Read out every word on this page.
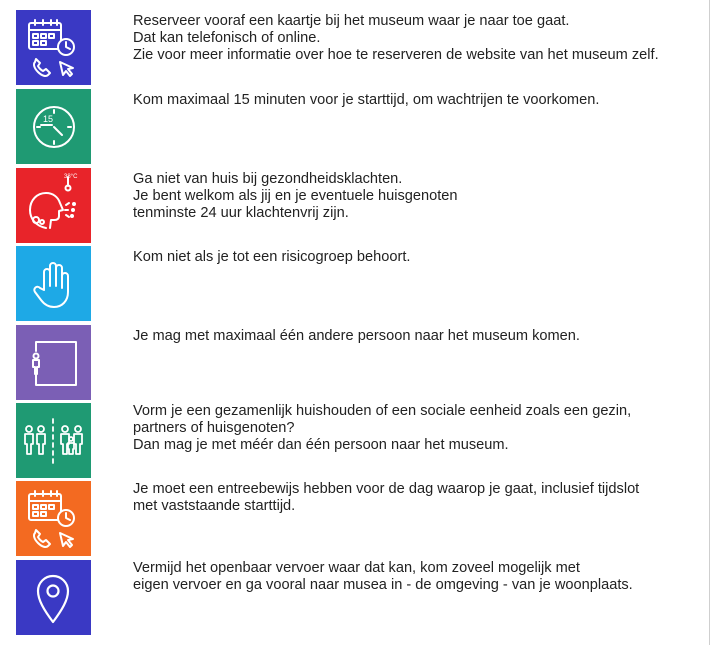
Reserveer vooraf een kaartje bij het museum waar je naar toe gaat.
Dat kan telefonisch of online.
Zie voor meer informatie over hoe te reserveren de website van het museum zelf.
15
Kom maximaal 15 minuten voor je starttijd, om wachtrijen te voorkomen.
38°C	Ga niet van huis bij gezondheidsklachten.
Je bent welkom als jij en je eventuele huisgenoten
tenminste 24 uur klachtenvrij zijn.
Kom niet als je tot een risicogroep behoort.
Je mag met maximaal één andere persoon naar het museum komen.
Vorm je een gezamenlijk huishouden of een sociale eenheid zoals een gezin,
partners of huisgenoten?
Dan mag je met méér dan één persoon naar het museum.
Je moet een entreebewijs hebben voor de dag waarop je gaat, inclusief tijdslot
met vaststaande starttijd.
Vermijd het openbaar vervoer waar dat kan, kom zoveel mogelijk met
eigen vervoer en ga vooral naar musea in - de omgeving - van je woonplaats.
